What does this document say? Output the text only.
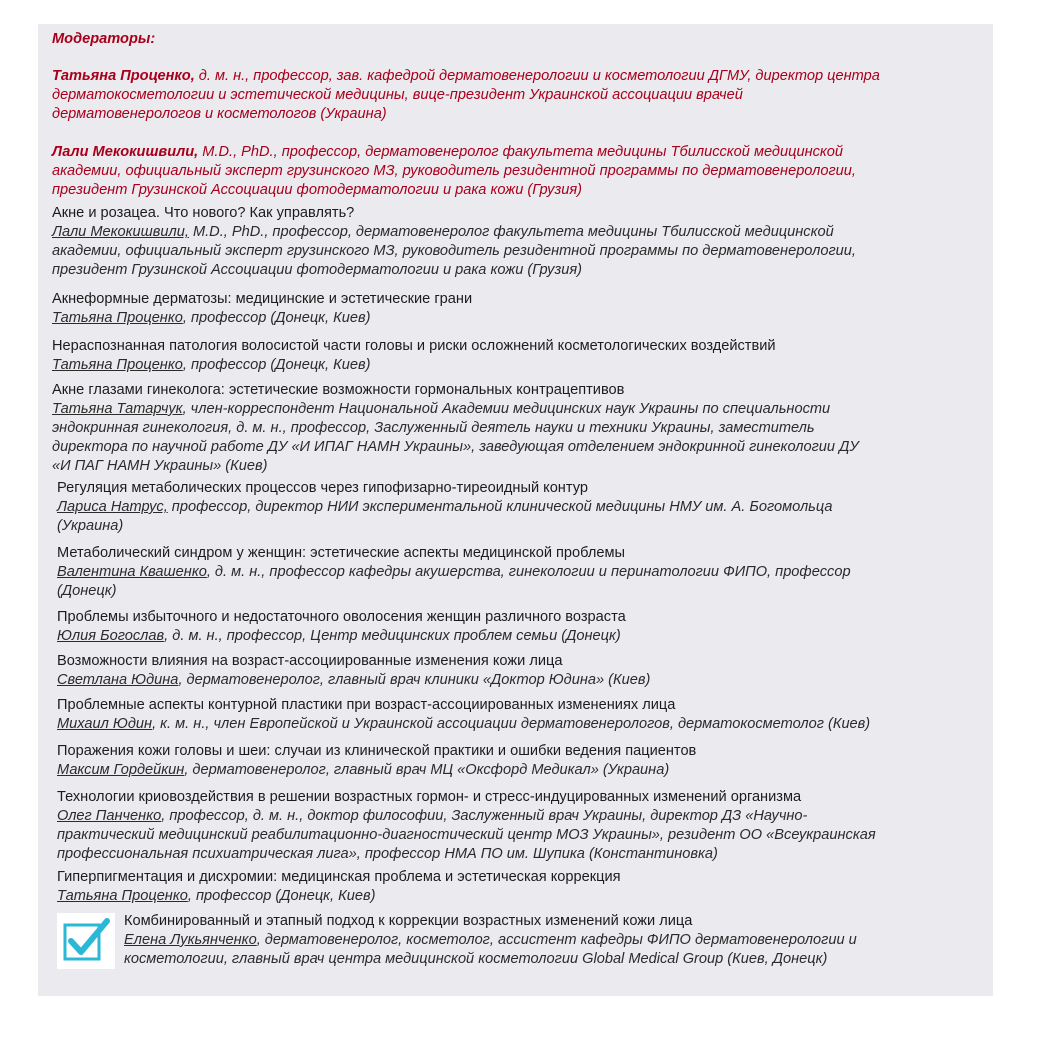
Модераторы:

Татьяна Проценко, д. м. н., профессор, зав. кафедрой дерматовенерологии и косметологии ДГМУ, директор центра

дерматокосметологии и эстетической медицины, вице-президент Украинской ассоциации врачей

дерматовенерологов и косметологов (Украина)

Лали Мекокишвили, M.D., PhD., профессор, дерматовенеролог факультета медицины Тбилисской медицинской

академии, официальный эксперт грузинского МЗ, руководитель резидентной программы по дерматовенерологии,

президент Грузинской Ассоциации фотодерматологии и рака кожи (Грузия)

Акне и розацеа. Что нового? Как управлять?

Лали Мекокишвили, M.D., PhD., профессор, дерматовенеролог факультета медицины Тбилисской медицинской

академии, официальный эксперт грузинского МЗ, руководитель резидентной программы по дерматовенерологии,

президент Грузинской Ассоциации фотодерматологии и рака кожи (Грузия)

Акнеформные дерматозы: медицинские и эстетические грани

Татьяна Проценко, профессор (Донецк, Киев)

Нераспознанная патология волосистой части головы и риски осложнений косметологических воздействий

Татьяна Проценко, профессор (Донецк, Киев)

Акне глазами гинеколога: эстетические возможности гормональных контрацептивов

Татьяна Татарчук, член-корреспондент Национальной Академии медицинских наук Украины по специальности

эндокринная гинекология, д. м. н., профессор, Заслуженный деятель науки и техники Украины, заместитель

директора по научной работе ДУ «И ИПАГ НАМН Украины», заведующая отделением эндокринной гинекологии ДУ

«И ПАГ НАМН Украины» (Киев)

Регуляция метаболических процессов через гипофизарно-тиреоидный контур

Лариса Натрус, профессор, директор НИИ экспериментальной клинической медицины НМУ им. А. Богомольца

(Украина)

Метаболический синдром у женщин: эстетические аспекты медицинской проблемы

Валентина Квашенко, д. м. н., профессор кафедры акушерства, гинекологии и перинатологии ФИПО, профессор

(Донецк)

Проблемы избыточного и недостаточного оволосения женщин различного возраста

Юлия Богослав, д. м. н., профессор, Центр медицинских проблем семьи (Донецк)

Возможности влияния на возраст-ассоциированные изменения кожи лица

Светлана Юдина, дерматовенеролог, главный врач клиники «Доктор Юдина» (Киев)

Проблемные аспекты контурной пластики при возраст-ассоциированных изменениях лица

Михаил Юдин, к. м. н., член Европейской и Украинской ассоциации дерматовенерологов, дерматокосметолог (Киев)

Поражения кожи головы и шеи: случаи из клинической практики и ошибки ведения пациентов

Максим Гордейкин, дерматовенеролог, главный врач МЦ «Оксфорд Медикал» (Украина)

Технологии криовоздействия в решении возрастных гормон- и стресс-индуцированных изменений организма

Олег Панченко, профессор, д. м. н., доктор философии, Заслуженный врач Украины, директор ДЗ «Научно-

практический медицинский реабилитационно-диагностический центр МОЗ Украины», резидент ОО «Всеукраинская

профессиональная психиатрическая лига», профессор НМА ПО им. Шупика (Константиновка)

Гиперпигментация и дисхромии: медицинская проблема и эстетическая коррекция

Татьяна Проценко, профессор (Донецк, Киев)

Комбинированный и этапный подход к коррекции возрастных изменений кожи лица

Елена Лукьянченко, дерматовенеролог, косметолог, ассистент кафедры ФИПО дерматовенерологии и

косметологии, главный врач центра медицинской косметологии Global Medical Group (Киев, Донецк)
